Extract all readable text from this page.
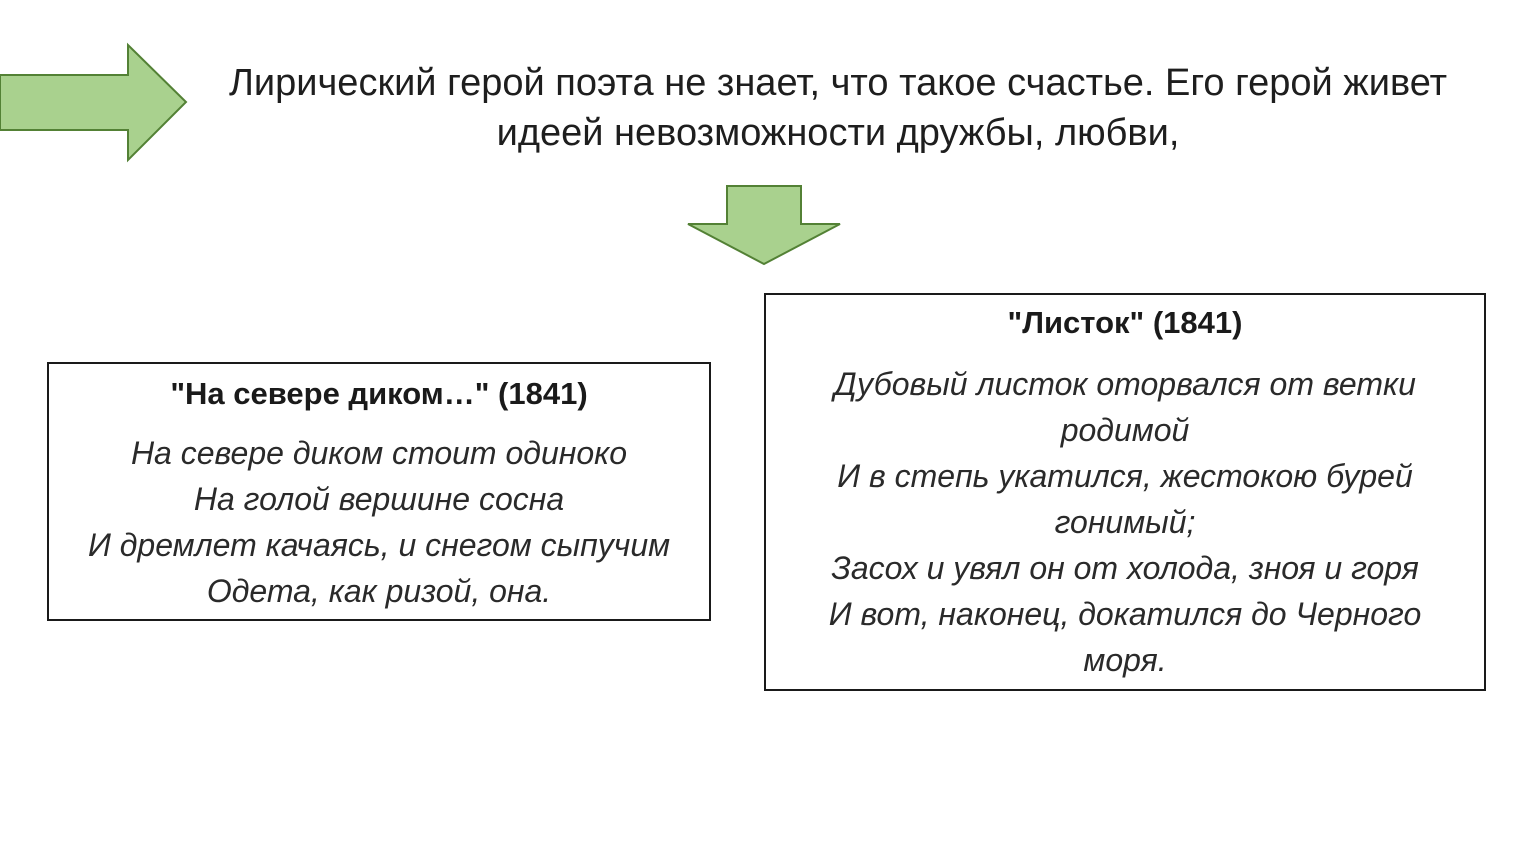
Лирический герой поэта не знает, что такое счастье. Его герой живет
идеей невозможности дружбы, любви,
"На севере диком…" (1841)
На севере диком стоит одиноко
На голой вершине сосна
И дремлет качаясь, и снегом сыпучим
Одета, как ризой, она.
"Листок" (1841)
Дубовый листок оторвался от ветки родимой
И в степь укатился, жестокою бурей гонимый;
Засох и увял он от холода, зноя и горя
И вот, наконец, докатился до Черного моря.
